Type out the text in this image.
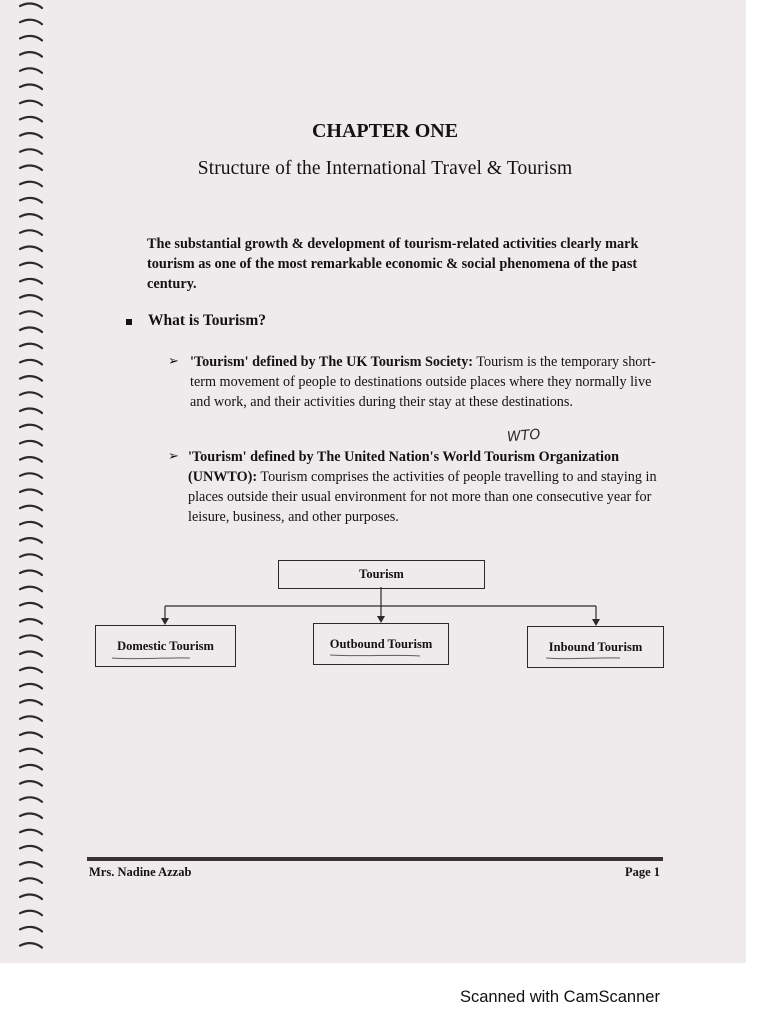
CHAPTER ONE
Structure of the International Travel & Tourism
The substantial growth & development of tourism-related activities clearly mark tourism as one of the most remarkable economic & social phenomena of the past century.
What is Tourism?
➢ 'Tourism' defined by The UK Tourism Society: Tourism is the temporary short-term movement of people to destinations outside places where they normally live and work, and their activities during their stay at these destinations.
WTO
➢ 'Tourism' defined by The United Nation's World Tourism Organization (UNWTO): Tourism comprises the activities of people travelling to and staying in places outside their usual environment for not more than one consecutive year for leisure, business, and other purposes.
Tourism
Domestic Tourism	Outbound Tourism	Inbound Tourism
Mrs. Nadine Azzab	Page 1
Scanned with CamScanner
